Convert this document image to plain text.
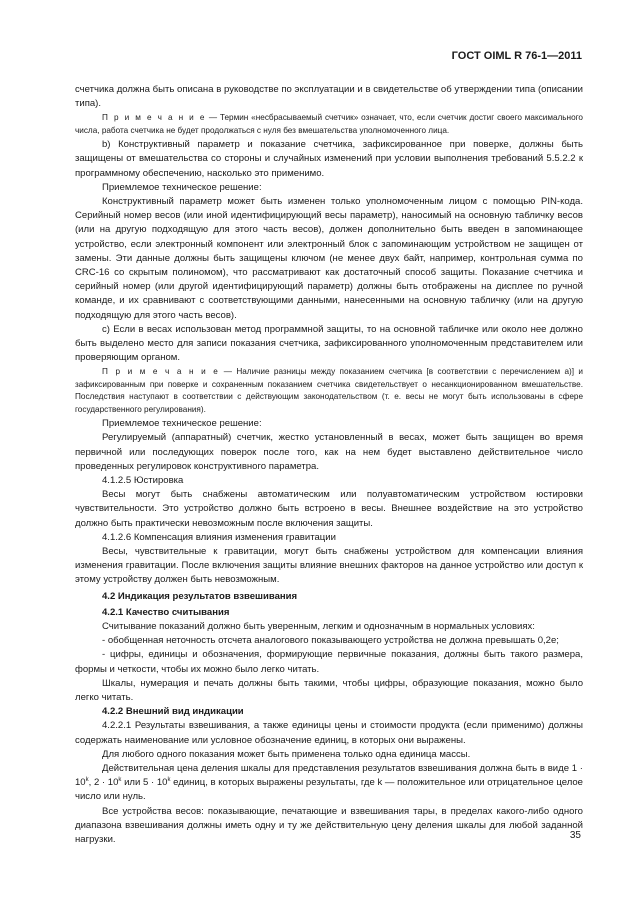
ГОСТ OIML R 76-1—2011

счетчика должна быть описана в руководстве по эксплуатации и в свидетельстве об утверждении типа (описании типа).

П р и м е ч а н и е — Термин «несбрасываемый счетчик» означает, что, если счетчик достиг своего максимального числа, работа счетчика не будет продолжаться с нуля без вмешательства уполномоченного лица.

b) Конструктивный параметр и показание счетчика, зафиксированное при поверке, должны быть защищены от вмешательства со стороны и случайных изменений при условии выполнения требований 5.5.2.2 к программному обеспечению, насколько это применимо.

Приемлемое техническое решение:

Конструктивный параметр может быть изменен только уполномоченным лицом с помощью PIN-кода. Серийный номер весов (или иной идентифицирующий весы параметр), наносимый на основную табличку весов (или на другую подходящую для этого часть весов), должен дополнительно быть введен в запоминающее устройство, если электронный компонент или электронный блок с запоминающим устройством не защищен от замены. Эти данные должны быть защищены ключом (не менее двух байт, например, контрольная сумма по CRC-16 со скрытым полиномом), что рассматривают как достаточный способ защиты. Показание счетчика и серийный номер (или другой идентифицирующий параметр) должны быть отображены на дисплее по ручной команде, и их сравнивают с соответствующими данными, нанесенными на основную табличку (или на другую подходящую для этого часть весов).

c) Если в весах использован метод программной защиты, то на основной табличке или около нее должно быть выделено место для записи показания счетчика, зафиксированного уполномоченным представителем или проверяющим органом.

П р и м е ч а н и е — Наличие разницы между показанием счетчика [в соответствии с перечислением а)] и зафиксированным при поверке и сохраненным показанием счетчика свидетельствует о несанкционированном вмешательстве. Последствия наступают в соответствии с действующим законодательством (т. е. весы не могут быть использованы в сфере государственного регулирования).

Приемлемое техническое решение:

Регулируемый (аппаратный) счетчик, жестко установленный в весах, может быть защищен во время первичной или последующих поверок после того, как на нем будет выставлено действительное число проведенных регулировок конструктивного параметра.

4.1.2.5 Юстировка

Весы могут быть снабжены автоматическим или полуавтоматическим устройством юстировки чувствительности. Это устройство должно быть встроено в весы. Внешнее воздействие на это устройство должно быть практически невозможным после включения защиты.

4.1.2.6 Компенсация влияния изменения гравитации

Весы, чувствительные к гравитации, могут быть снабжены устройством для компенсации влияния изменения гравитации. После включения защиты влияние внешних факторов на данное устройство или доступ к этому устройству должен быть невозможным.

4.2 Индикация результатов взвешивания

4.2.1 Качество считывания

Считывание показаний должно быть уверенным, легким и однозначным в нормальных условиях:

- обобщенная неточность отсчета аналогового показывающего устройства не должна превышать 0,2e;

- цифры, единицы и обозначения, формирующие первичные показания, должны быть такого размера, формы и четкости, чтобы их можно было легко читать.

Шкалы, нумерация и печать должны быть такими, чтобы цифры, образующие показания, можно было легко читать.

4.2.2 Внешний вид индикации

4.2.2.1 Результаты взвешивания, а также единицы цены и стоимости продукта (если применимо) должны содержать наименование или условное обозначение единиц, в которых они выражены.

Для любого одного показания может быть применена только одна единица массы.

Действительная цена деления шкалы для представления результатов взвешивания должна быть в виде $1 \cdot 10^k$, $2 \cdot 10^k$ или $5 \cdot 10^k$ единиц, в которых выражены результаты, где k — положительное или отрицательное целое число или нуль.

Все устройства весов: показывающие, печатающие и взвешивания тары, в пределах какого-либо одного диапазона взвешивания должны иметь одну и ту же действительную цену деления шкалы для любой заданной нагрузки.	35
